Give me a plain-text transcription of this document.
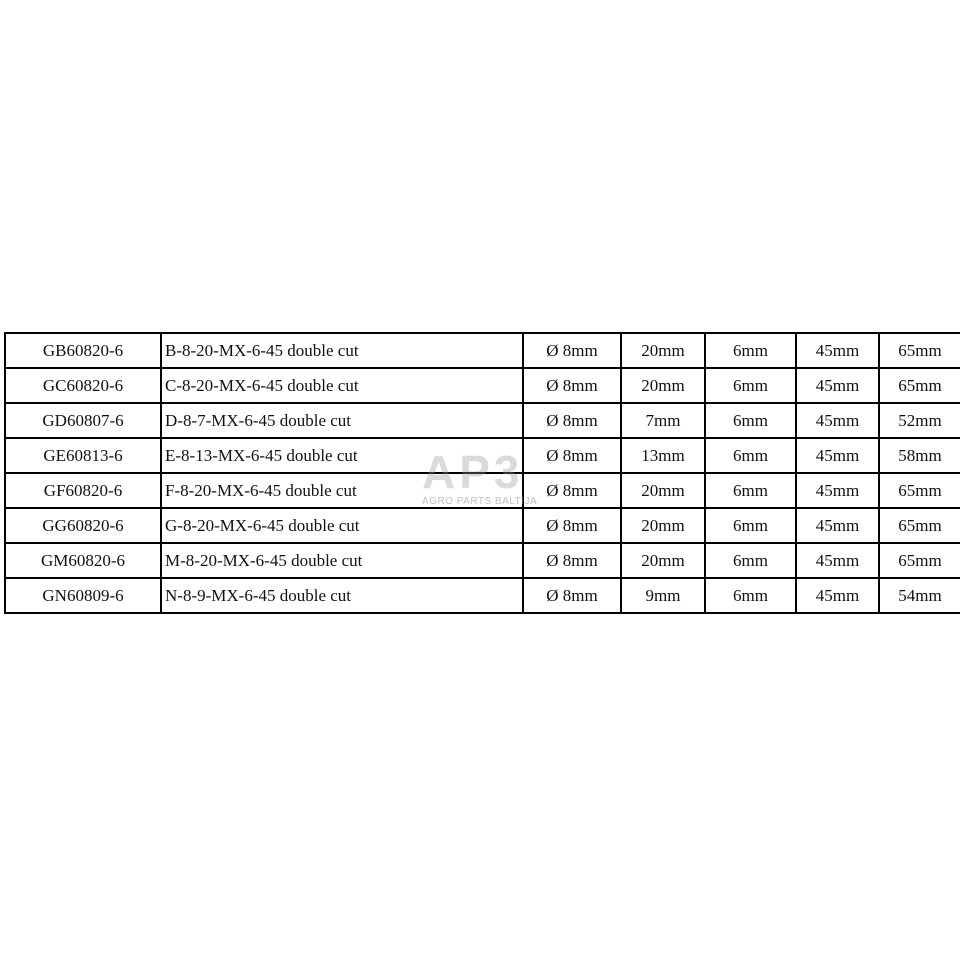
GB60820-6	B-8-20-MX-6-45 double cut	Ø 8mm	20mm	6mm	45mm	65mm
GC60820-6	C-8-20-MX-6-45 double cut	Ø 8mm	20mm	6mm	45mm	65mm
GD60807-6	D-8-7-MX-6-45 double cut	Ø 8mm	7mm	6mm	45mm	52mm
GE60813-6	E-8-13-MX-6-45 double cut	Ø 8mm	13mm	6mm	45mm	58mm
GF60820-6	F-8-20-MX-6-45 double cut	Ø 8mm	20mm	6mm	45mm	65mm
GG60820-6	G-8-20-MX-6-45 double cut	Ø 8mm	20mm	6mm	45mm	65mm
GM60820-6	M-8-20-MX-6-45 double cut	Ø 8mm	20mm	6mm	45mm	65mm
GN60809-6	N-8-9-MX-6-45 double cut	Ø 8mm	9mm	6mm	45mm	54mm
AP3
AGRO PARTS BALTIJA
